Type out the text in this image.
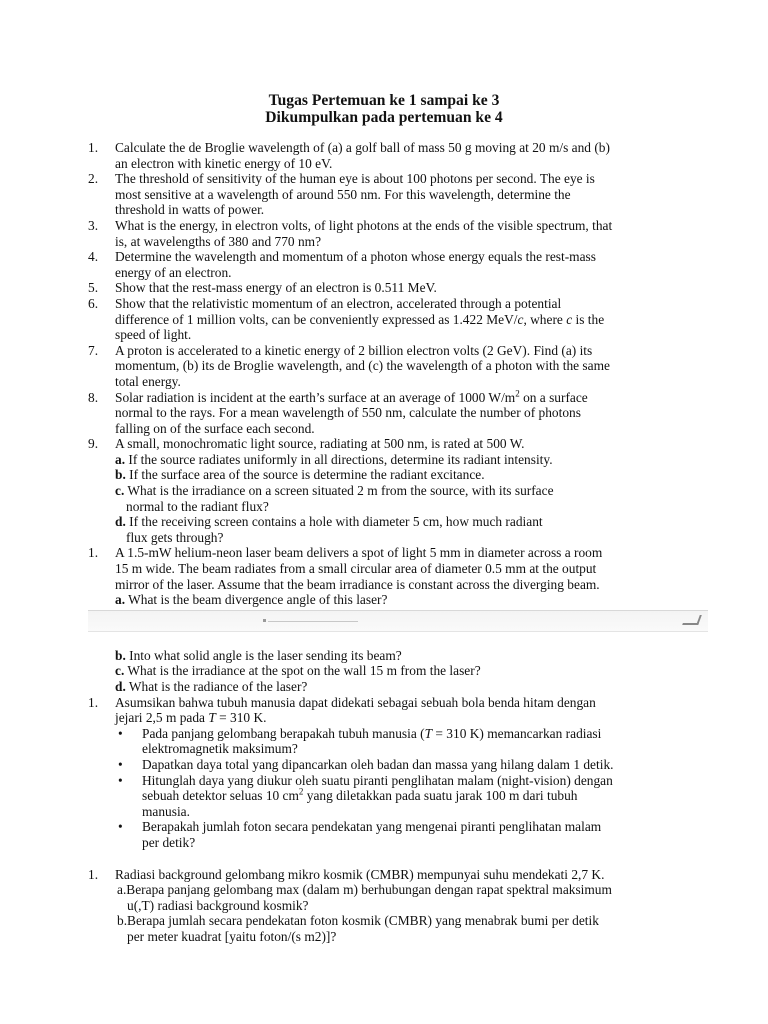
Tugas Pertemuan ke 1 sampai ke 3
Dikumpulkan pada pertemuan ke 4
1. Calculate the de Broglie wavelength of (a) a golf ball of mass 50 g moving at 20 m/s and (b)
an electron with kinetic energy of 10 eV.
2. The threshold of sensitivity of the human eye is about 100 photons per second. The eye is
most sensitive at a wavelength of around 550 nm. For this wavelength, determine the
threshold in watts of power.
3. What is the energy, in electron volts, of light photons at the ends of the visible spectrum, that
is, at wavelengths of 380 and 770 nm?
4. Determine the wavelength and momentum of a photon whose energy equals the rest-mass
energy of an electron.
5. Show that the rest-mass energy of an electron is 0.511 MeV.
6. Show that the relativistic momentum of an electron, accelerated through a potential
difference of 1 million volts, can be conveniently expressed as 1.422 MeV/c, where c is the
speed of light.
7. A proton is accelerated to a kinetic energy of 2 billion electron volts (2 GeV). Find (a) its
momentum, (b) its de Broglie wavelength, and (c) the wavelength of a photon with the same
total energy.
8. Solar radiation is incident at the earth’s surface at an average of 1000 $W/m^2$ on a surface
normal to the rays. For a mean wavelength of 550 nm, calculate the number of photons
falling on of the surface each second.
9. A small, monochromatic light source, radiating at 500 nm, is rated at 500 W.
a. If the source radiates uniformly in all directions, determine its radiant intensity.
b. If the surface area of the source is determine the radiant excitance.
c. What is the irradiance on a screen situated 2 m from the source, with its surface
normal to the radiant flux?
d. If the receiving screen contains a hole with diameter 5 cm, how much radiant
flux gets through?
1. A 1.5-mW helium-neon laser beam delivers a spot of light 5 mm in diameter across a room
15 m wide. The beam radiates from a small circular area of diameter 0.5 mm at the output
mirror of the laser. Assume that the beam irradiance is constant across the diverging beam.
a. What is the beam divergence angle of this laser?
b. Into what solid angle is the laser sending its beam?
c. What is the irradiance at the spot on the wall 15 m from the laser?
d. What is the radiance of the laser?
1. Asumsikan bahwa tubuh manusia dapat didekati sebagai sebuah bola benda hitam dengan
jejari 2,5 m pada T = 310 K.
• Pada panjang gelombang berapakah tubuh manusia (T = 310 K) memancarkan radiasi
elektromagnetik maksimum?
• Dapatkan daya total yang dipancarkan oleh badan dan massa yang hilang dalam 1 detik.
• Hitunglah daya yang diukur oleh suatu piranti penglihatan malam (night-vision) dengan
sebuah detektor seluas 10 $cm^2$ yang diletakkan pada suatu jarak 100 m dari tubuh
manusia.
• Berapakah jumlah foton secara pendekatan yang mengenai piranti penglihatan malam
per detik?
1. Radiasi background gelombang mikro kosmik (CMBR) mempunyai suhu mendekati 2,7 K.
a.Berapa panjang gelombang max (dalam m) berhubungan dengan rapat spektral maksimum
u(,T) radiasi background kosmik?
b.Berapa jumlah secara pendekatan foton kosmik (CMBR) yang menabrak bumi per detik
per meter kuadrat [yaitu foton/(s m2)]?
